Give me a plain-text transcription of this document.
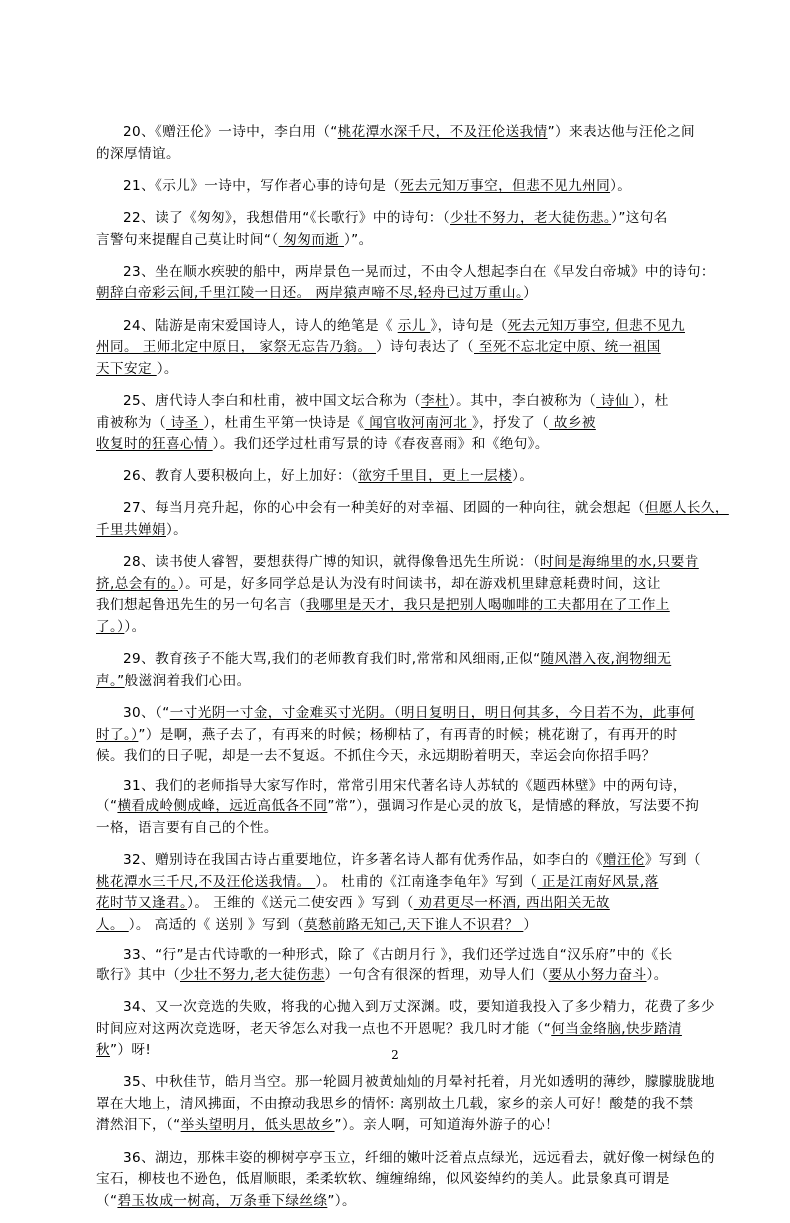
20、《赠汪伦》一诗中，李白用（“桃花潭水深千尺，不及汪伦送我情”）来表达他与汪伦之间
的深厚情谊。
21、《示儿》一诗中，写作者心事的诗句是（死去元知万事空，但悲不见九州同）。
22、读了《匆匆》，我想借用“《长歌行》中的诗句：（少壮不努力，老大徒伤悲。）”这句名
言警句来提醒自己莫让时间“（ 匆匆而逝 ）”。
23、坐在顺水疾驶的船中，两岸景色一晃而过，不由令人想起李白在《早发白帝城》中的诗句：
朝辞白帝彩云间,千里江陵一日还。 两岸猿声啼不尽,轻舟已过万重山。）
24、陆游是南宋爱国诗人，诗人的绝笔是《 示儿 》，诗句是（死去元知万事空, 但悲不见九
州同。 王师北定中原日， 家祭无忘告乃翁。 ）诗句表达了（ 至死不忘北定中原、统一祖国
天下安定 ）。
25、唐代诗人李白和杜甫，被中国文坛合称为（李杜）。其中，李白被称为（ 诗仙 ），杜
甫被称为（ 诗圣 ），杜甫生平第一快诗是《 闻官收河南河北 》，抒发了（ 故乡被
收复时的狂喜心情 ）。我们还学过杜甫写景的诗《春夜喜雨》和《绝句》。
26、教育人要积极向上，好上加好：（欲穷千里目，更上一层楼）。
27、每当月亮升起，你的心中会有一种美好的对幸福、团圆的一种向往，就会想起（但愿人长久，
千里共婵娟）。
28、读书使人睿智，要想获得广博的知识，就得像鲁迅先生所说：（时间是海绵里的水,只要肯
挤,总会有的。）。可是，好多同学总是认为没有时间读书，却在游戏机里肆意耗费时间，这让
我们想起鲁迅先生的另一句名言（我哪里是天才，我只是把别人喝咖啡的工夫都用在了工作上
了。））。
29、教育孩子不能大骂,我们的老师教育我们时,常常和风细雨,正似“随风潜入夜,润物细无
声。”般滋润着我们心田。
30、（“一寸光阴一寸金，寸金难买寸光阴。（明日复明日，明日何其多，今日若不为，此事何
时了。）”）是啊，燕子去了，有再来的时候；杨柳枯了，有再青的时候；桃花谢了，有再开的时
候。我们的日子呢，却是一去不复返。不抓住今天，永远期盼着明天，幸运会向你招手吗？
31、我们的老师指导大家写作时，常常引用宋代著名诗人苏轼的《题西林壁》中的两句诗，
（“横看成岭侧成峰，远近高低各不同”常”），强调习作是心灵的放飞，是情感的释放，写法要不拘
一格，语言要有自己的个性。
32、赠别诗在我国古诗占重要地位，许多著名诗人都有优秀作品，如李白的《赠汪伦》写到（
桃花潭水三千尺,不及汪伦送我情。 ）。 杜甫的《江南逢李龟年》写到（ 正是江南好风景,落
花时节又逢君。）。 王维的《送元二使安西 》写到（ 劝君更尽一杯酒, 西出阳关无故
人。 ）。 高适的《 送别 》写到（莫愁前路无知己,天下谁人不识君？ ）
33、“行”是古代诗歌的一种形式，除了《古朗月行 》，我们还学过选自“汉乐府”中的《长
歌行》其中（少壮不努力,老大徒伤悲）一句含有很深的哲理，劝导人们（要从小努力奋斗）。
34、又一次竞选的失败，将我的心抛入到万丈深渊。哎，要知道我投入了多少精力，花费了多少
时间应对这两次竞选呀，老天爷怎么对我一点也不开恩呢？我几时才能（“何当金络脑,快步踏清
秋”）呀!
35、中秋佳节，皓月当空。那一轮圆月被黄灿灿的月晕衬托着，月光如透明的薄纱，朦朦胧胧地
罩在大地上，清风拂面，不由撩动我思乡的情怀: 离别故土几载，家乡的亲人可好！酸楚的我不禁
潸然泪下，（“举头望明月，低头思故乡”）。亲人啊，可知道海外游子的心！
36、湖边，那株丰姿的柳树亭亭玉立，纤细的嫩叶泛着点点绿光，远远看去，就好像一树绿色的
宝石，柳枝也不逊色，低眉顺眼，柔柔软软、缠缠绵绵，似风姿绰约的美人。此景象真可谓是
（“碧玉妆成一树高，万条垂下绿丝绦”）。
2
